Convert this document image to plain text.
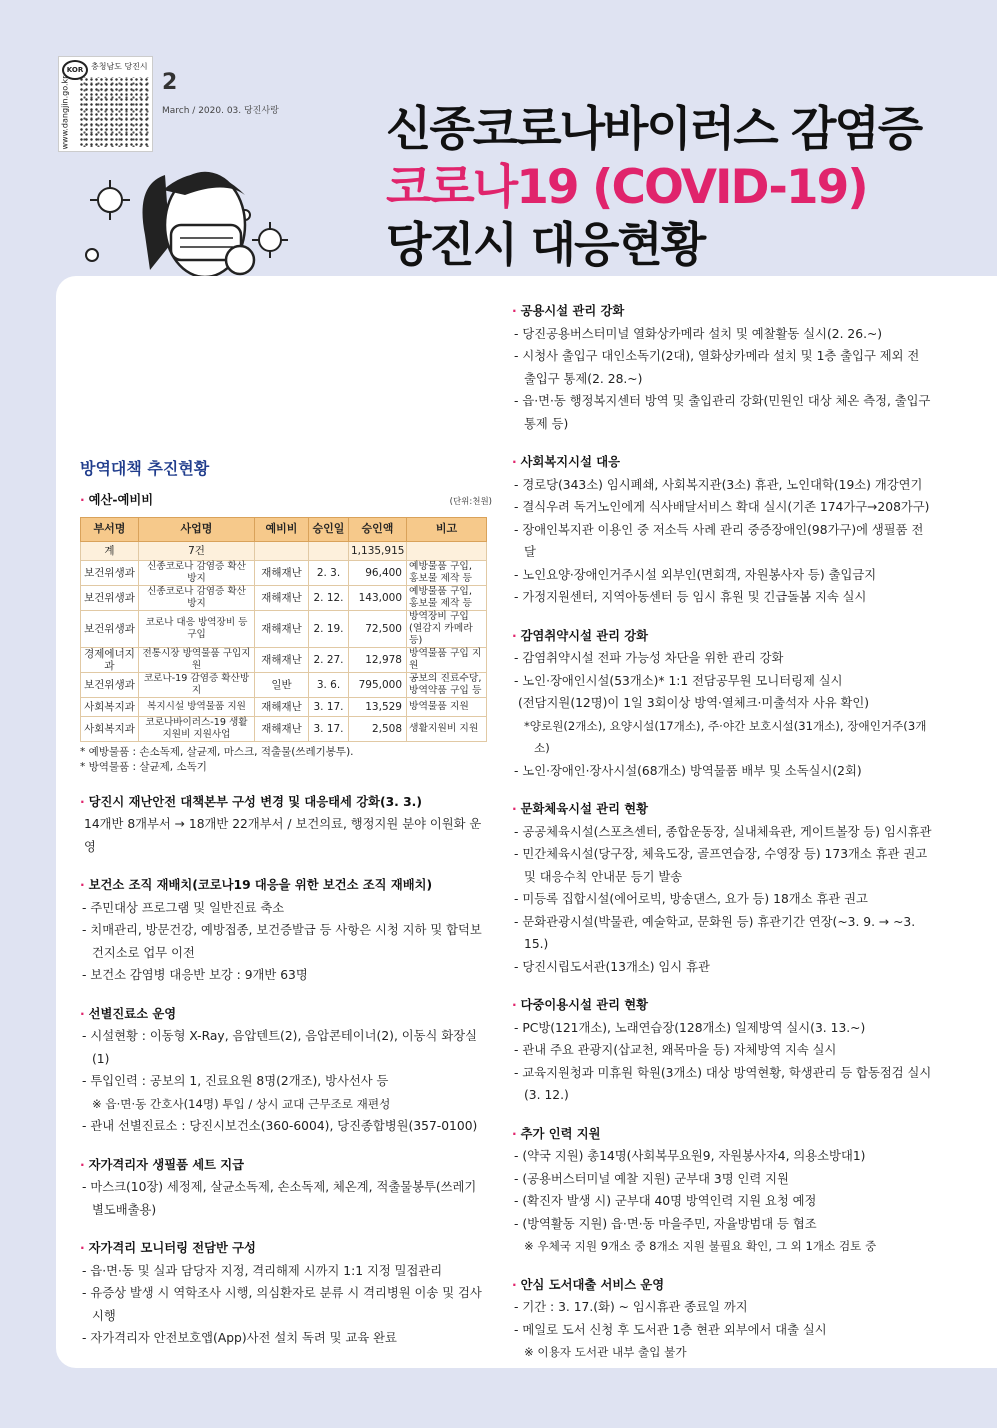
KOR 충청남도 당진시
www.dangjin.go.kr	2
March / 2020. 03. 당진사랑 신종코로나바이러스 감염증
코로나19 (COVID-19)
당진시 대응현황
방역대책 추진현황
· 예산-예비비	(단위:천원)
부서명	사업명	예비비	승인일	승인액	비고
계	7건			1,135,915	
보건위생과	신종코로나 감염증 확산 방지	재해재난	2. 3.	96,400	예방물품 구입, 홍보물 제작 등
보건위생과	신종코로나 감염증 확산 방지	재해재난	2. 12.	143,000	예방물품 구입, 홍보물 제작 등
보건위생과	코로나 대응 방역장비 등 구입	재해재난	2. 19.	72,500	방역장비 구입 (열감지 카메라 등)
경제에너지과	전통시장 방역물품 구입지원	재해재난	2. 27.	12,978	방역물품 구입 지원
보건위생과	코로나-19 감염증 확산방지	일반	3. 6.	795,000	공보의 진료수당, 방역약품 구입 등
사회복지과	복지시설 방역물품 지원	재해재난	3. 17.	13,529	방역물품 지원
사회복지과	코로나바이러스-19 생활지원비 지원사업	재해재난	3. 17.	2,508	생활지원비 지원
* 예방물품 : 손소독제, 살균제, 마스크, 적출물(쓰레기봉투).
* 방역물품 : 살균제, 소독기
· 당진시 재난안전 대책본부 구성 변경 및 대응태세 강화(3. 3.)
14개반 8개부서 → 18개반 22개부서 / 보건의료, 행정지원 분야 이원화 운영
· 보건소 조직 재배치(코로나19 대응을 위한 보건소 조직 재배치)
- 주민대상 프로그램 및 일반진료 축소
- 치매관리, 방문건강, 예방접종, 보건증발급 등 사항은 시청 지하 및 합덕보건지소로 업무 이전
- 보건소 감염병 대응반 보강 : 9개반 63명
· 선별진료소 운영
- 시설현황 : 이동형 X-Ray, 음압텐트(2), 음압콘테이너(2), 이동식 화장실(1)
- 투입인력 : 공보의 1, 진료요원 8명(2개조), 방사선사 등
※ 읍·면·동 간호사(14명) 투입 / 상시 교대 근무조로 재편성
- 관내 선별진료소 : 당진시보건소(360-6004), 당진종합병원(357-0100)
· 자가격리자 생필품 세트 지급
- 마스크(10장) 세정제, 살균소독제, 손소독제, 체온계, 적출물봉투(쓰레기 별도배출용)
· 자가격리 모니터링 전담반 구성
- 읍·면·동 및 실과 담당자 지정, 격리해제 시까지 1:1 지정 밀접관리
- 유증상 발생 시 역학조사 시행, 의심환자로 분류 시 격리병원 이송 및 검사시행
- 자가격리자 안전보호앱(App)사전 설치 독려 및 교육 완료
· 공용시설 관리 강화
- 당진공용버스터미널 열화상카메라 설치 및 예찰활동 실시(2. 26.~)
- 시청사 출입구 대인소독기(2대), 열화상카메라 설치 및 1층 출입구 제외 전 출입구 통제(2. 28.~)
- 읍·면·동 행정복지센터 방역 및 출입관리 강화(민원인 대상 체온 측정, 출입구 통제 등)
· 사회복지시설 대응
- 경로당(343소) 임시폐쇄, 사회복지관(3소) 휴관, 노인대학(19소) 개강연기
- 결식우려 독거노인에게 식사배달서비스 확대 실시(기존 174가구→208가구)
- 장애인복지관 이용인 중 저소득 사례 관리 중증장애인(98가구)에 생필품 전달
- 노인요양·장애인거주시설 외부인(면회객, 자원봉사자 등) 출입금지
- 가정지원센터, 지역아동센터 등 임시 휴원 및 긴급돌봄 지속 실시
· 감염취약시설 관리 강화
- 감염취약시설 전파 가능성 차단을 위한 관리 강화
- 노인·장애인시설(53개소)* 1:1 전담공무원 모니터링제 실시
(전담지원(12명)이 1일 3회이상 방역·열체크·미출석자 사유 확인)
*양로원(2개소), 요양시설(17개소), 주·야간 보호시설(31개소), 장애인거주(3개소)
- 노인·장애인·장사시설(68개소) 방역물품 배부 및 소독실시(2회)
· 문화체육시설 관리 현황
- 공공체육시설(스포츠센터, 종합운동장, 실내체육관, 게이트볼장 등) 임시휴관
- 민간체육시설(당구장, 체육도장, 골프연습장, 수영장 등) 173개소 휴관 권고 및 대응수칙 안내문 등기 발송
- 미등록 집합시설(에어로빅, 방송댄스, 요가 등) 18개소 휴관 권고
- 문화관광시설(박물관, 예술학교, 문화원 등) 휴관기간 연장(~3. 9. → ~3. 15.)
- 당진시립도서관(13개소) 임시 휴관
· 다중이용시설 관리 현황
- PC방(121개소), 노래연습장(128개소) 일제방역 실시(3. 13.~)
- 관내 주요 관광지(삽교천, 왜목마을 등) 자체방역 지속 실시
- 교육지원청과 미휴원 학원(3개소) 대상 방역현황, 학생관리 등 합동점검 실시(3. 12.)
· 추가 인력 지원
- (약국 지원) 총14명(사회복무요원9, 자원봉사자4, 의용소방대1)
- (공용버스터미널 예찰 지원) 군부대 3명 인력 지원
- (확진자 발생 시) 군부대 40명 방역인력 지원 요청 예정
- (방역활동 지원) 읍·면·동 마을주민, 자율방범대 등 협조
※ 우체국 지원 9개소 중 8개소 지원 불필요 확인, 그 외 1개소 검토 중
· 안심 도서대출 서비스 운영
- 기간 : 3. 17.(화) ~ 임시휴관 종료일 까지
- 메일로 도서 신청 후 도서관 1층 현관 외부에서 대출 실시
※ 이용자 도서관 내부 출입 불가
